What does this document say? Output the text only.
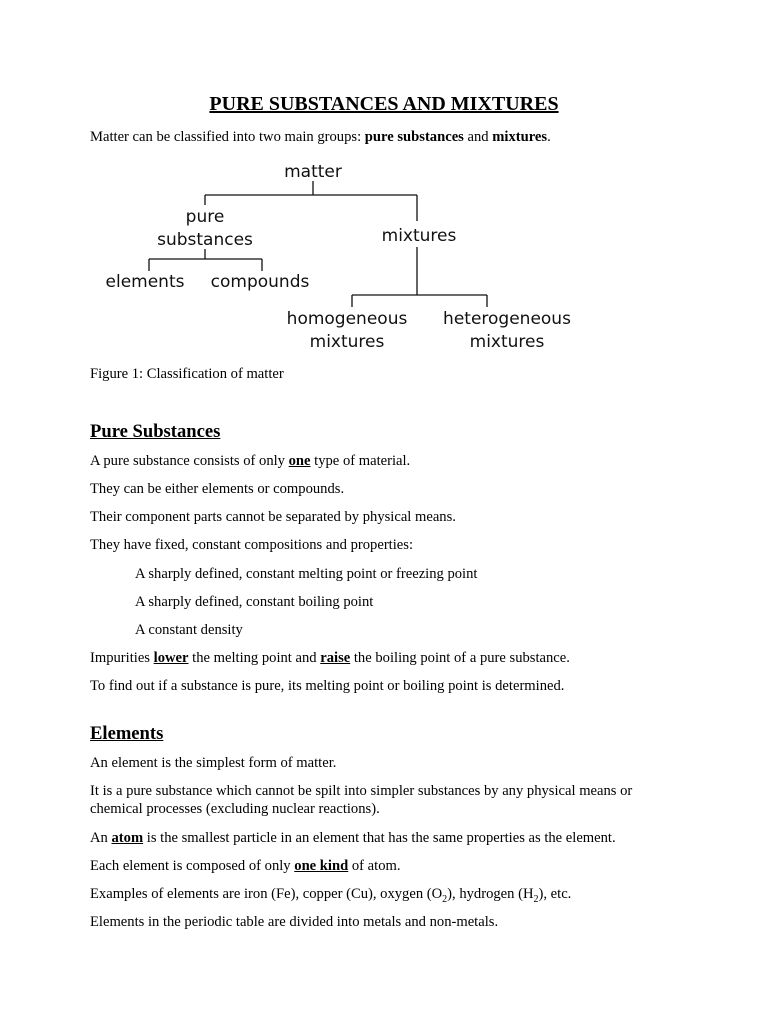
PURE SUBSTANCES AND MIXTURES
Matter can be classified into two main groups: pure substances and mixtures.
matter
pure
substances	mixtures
elements compounds
homogeneous
mixtures
heterogeneous
mixtures
Figure 1: Classification of matter
Pure Substances
A pure substance consists of only one type of material.
They can be either elements or compounds.
Their component parts cannot be separated by physical means.
They have fixed, constant compositions and properties:
A sharply defined, constant melting point or freezing point
A sharply defined, constant boiling point
A constant density
Impurities lower the melting point and raise the boiling point of a pure substance.
To find out if a substance is pure, its melting point or boiling point is determined.
Elements
An element is the simplest form of matter.
It is a pure substance which cannot be spilt into simpler substances by any physical means or
chemical processes (excluding nuclear reactions).
An atom is the smallest particle in an element that has the same properties as the element.
Each element is composed of only one kind of atom.
Examples of elements are iron (Fe), copper (Cu), oxygen $(O_2)$, hydrogen $(H_2)$, etc.
Elements in the periodic table are divided into metals and non-metals.
